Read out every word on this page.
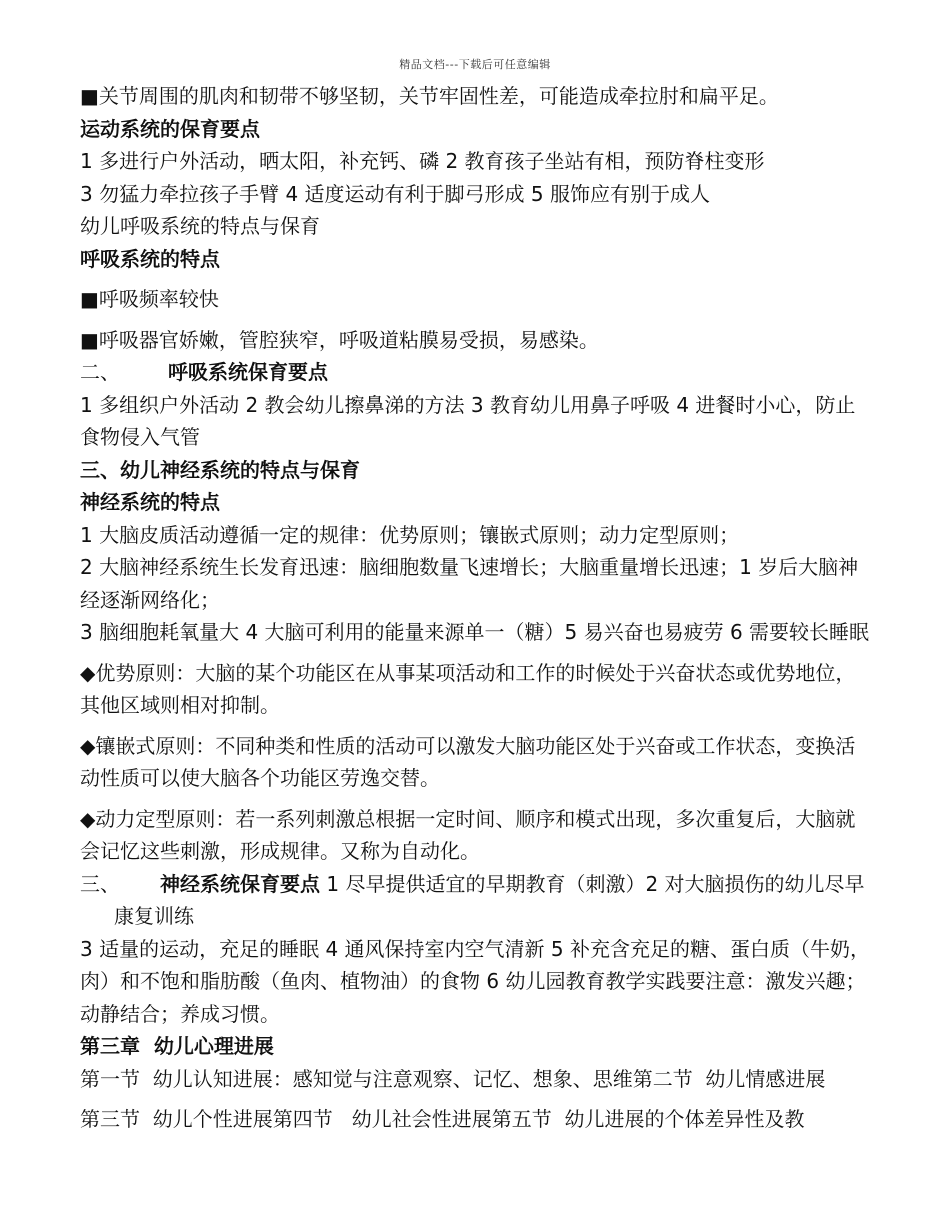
精品文档---下载后可任意编辑
■关节周围的肌肉和韧带不够坚韧，关节牢固性差，可能造成牵拉肘和扁平足。
运动系统的保育要点
1 多进行户外活动，晒太阳，补充钙、磷 2 教育孩子坐站有相，预防脊柱变形
3 勿猛力牵拉孩子手臂 4 适度运动有利于脚弓形成 5 服饰应有别于成人
幼儿呼吸系统的特点与保育
呼吸系统的特点
■呼吸频率较快
■呼吸器官娇嫩，管腔狭窄，呼吸道粘膜易受损，易感染。
二、 呼吸系统保育要点
1 多组织户外活动 2 教会幼儿擦鼻涕的方法 3 教育幼儿用鼻子呼吸 4 进餐时小心，防止食物侵入气管
三、幼儿神经系统的特点与保育
神经系统的特点
1 大脑皮质活动遵循一定的规律：优势原则；镶嵌式原则；动力定型原则；
2 大脑神经系统生长发育迅速：脑细胞数量飞速增长；大脑重量增长迅速；1 岁后大脑神经逐渐网络化；
3 脑细胞耗氧量大 4 大脑可利用的能量来源单一（糖）5 易兴奋也易疲劳 6 需要较长睡眠
◆优势原则：大脑的某个功能区在从事某项活动和工作的时候处于兴奋状态或优势地位，其他区域则相对抑制。
◆镶嵌式原则：不同种类和性质的活动可以激发大脑功能区处于兴奋或工作状态，变换活动性质可以使大脑各个功能区劳逸交替。
◆动力定型原则：若一系列刺激总根据一定时间、顺序和模式出现，多次重复后，大脑就会记忆这些刺激，形成规律。又称为自动化。
三、 神经系统保育要点 1 尽早提供适宜的早期教育（刺激）2 对大脑损伤的幼儿尽早康复训练
3 适量的运动，充足的睡眠 4 通风保持室内空气清新 5 补充含充足的糖、蛋白质（牛奶，肉）和不饱和脂肪酸（鱼肉、植物油）的食物 6 幼儿园教育教学实践要注意：激发兴趣；动静结合；养成习惯。
第三章  幼儿心理进展
第一节  幼儿认知进展：感知觉与注意观察、记忆、想象、思维第二节  幼儿情感进展
第三节  幼儿个性进展第四节   幼儿社会性进展第五节  幼儿进展的个体差异性及教
